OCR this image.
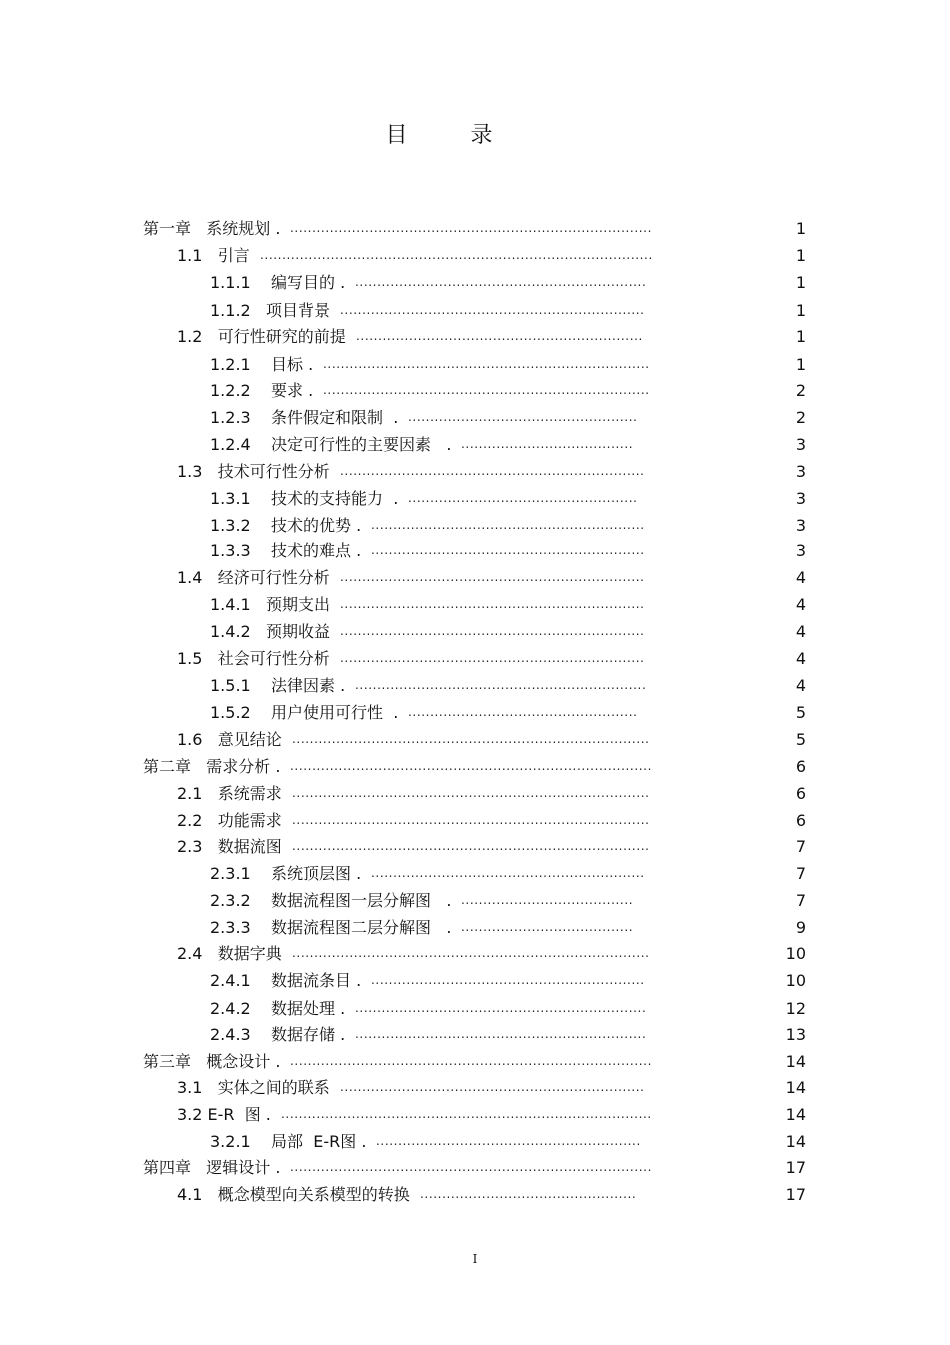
目 录
第一章   系统规划 . ..................................................................................	1
1.1   引言 .........................................................................................	1
1.1.1    编写目的 . ..................................................................	1
1.1.2   项目背景 .....................................................................	1
1.2   可行性研究的前提 .................................................................	1
1.2.1    目标 . ..........................................................................	1
1.2.2    要求 . ..........................................................................	2
1.2.3    条件假定和限制  . ....................................................	2
1.2.4    决定可行性的主要因素   . .......................................	3
1.3   技术可行性分析 .....................................................................	3
1.3.1    技术的支持能力  . ....................................................	3
1.3.2    技术的优势 . ..............................................................	3
1.3.3    技术的难点 . ..............................................................	3
1.4   经济可行性分析 .....................................................................	4
1.4.1   预期支出 .....................................................................	4
1.4.2   预期收益 .....................................................................	4
1.5   社会可行性分析 .....................................................................	4
1.5.1    法律因素 . ..................................................................	4
1.5.2    用户使用可行性  . ....................................................	5
1.6   意见结论 .................................................................................	5
第二章   需求分析 . ..................................................................................	6
2.1   系统需求 .................................................................................	6
2.2   功能需求 .................................................................................	6
2.3   数据流图 .................................................................................	7
2.3.1    系统顶层图 . ..............................................................	7
2.3.2    数据流程图一层分解图   . .......................................	7
2.3.3    数据流程图二层分解图   . .......................................	9
2.4   数据字典 .................................................................................	10
2.4.1    数据流条目 . ..............................................................	10
2.4.2    数据处理 . ..................................................................	12
2.4.3    数据存储 . ..................................................................	13
第三章   概念设计 . ..................................................................................	14
3.1   实体之间的联系 .....................................................................	14
3.2 E-R  图 . ....................................................................................	14
3.2.1    局部  E-R图 . ............................................................	14
第四章   逻辑设计 . ..................................................................................	17
4.1   概念模型向关系模型的转换 .................................................	17
I
